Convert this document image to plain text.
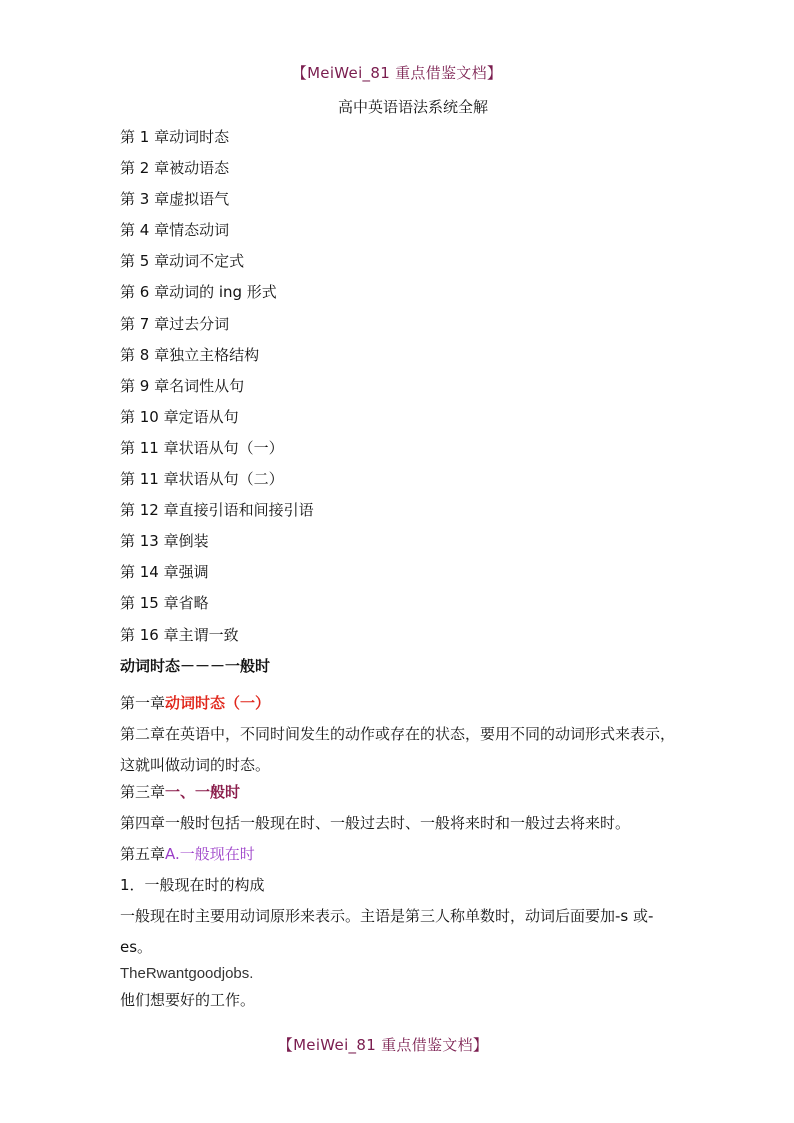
【MeiWei_81 重点借鉴文档】
高中英语语法系统全解
第 1 章动词时态
第 2 章被动语态
第 3 章虚拟语气
第 4 章情态动词
第 5 章动词不定式
第 6 章动词的 ing 形式
第 7 章过去分词
第 8 章独立主格结构
第 9 章名词性从句
第 10 章定语从句
第 11 章状语从句（一）
第 11 章状语从句（二）
第 12 章直接引语和间接引语
第 13 章倒装
第 14 章强调
第 15 章省略
第 16 章主谓一致
动词时态－－－一般时

第一章动词时态（一）

第二章在英语中，不同时间发生的动作或存在的状态，要用不同的动词形式来表示，这就叫做动词的时态。

第三章一、一般时

第四章一般时包括一般现在时、一般过去时、一般将来时和一般过去将来时。

第五章A.一般现在时

1．一般现在时的构成

一般现在时主要用动词原形来表示。主语是第三人称单数时，动词后面要加-s 或-es。

TheRwantgoodjobs.

他们想要好的工作。

【MeiWei_81 重点借鉴文档】
